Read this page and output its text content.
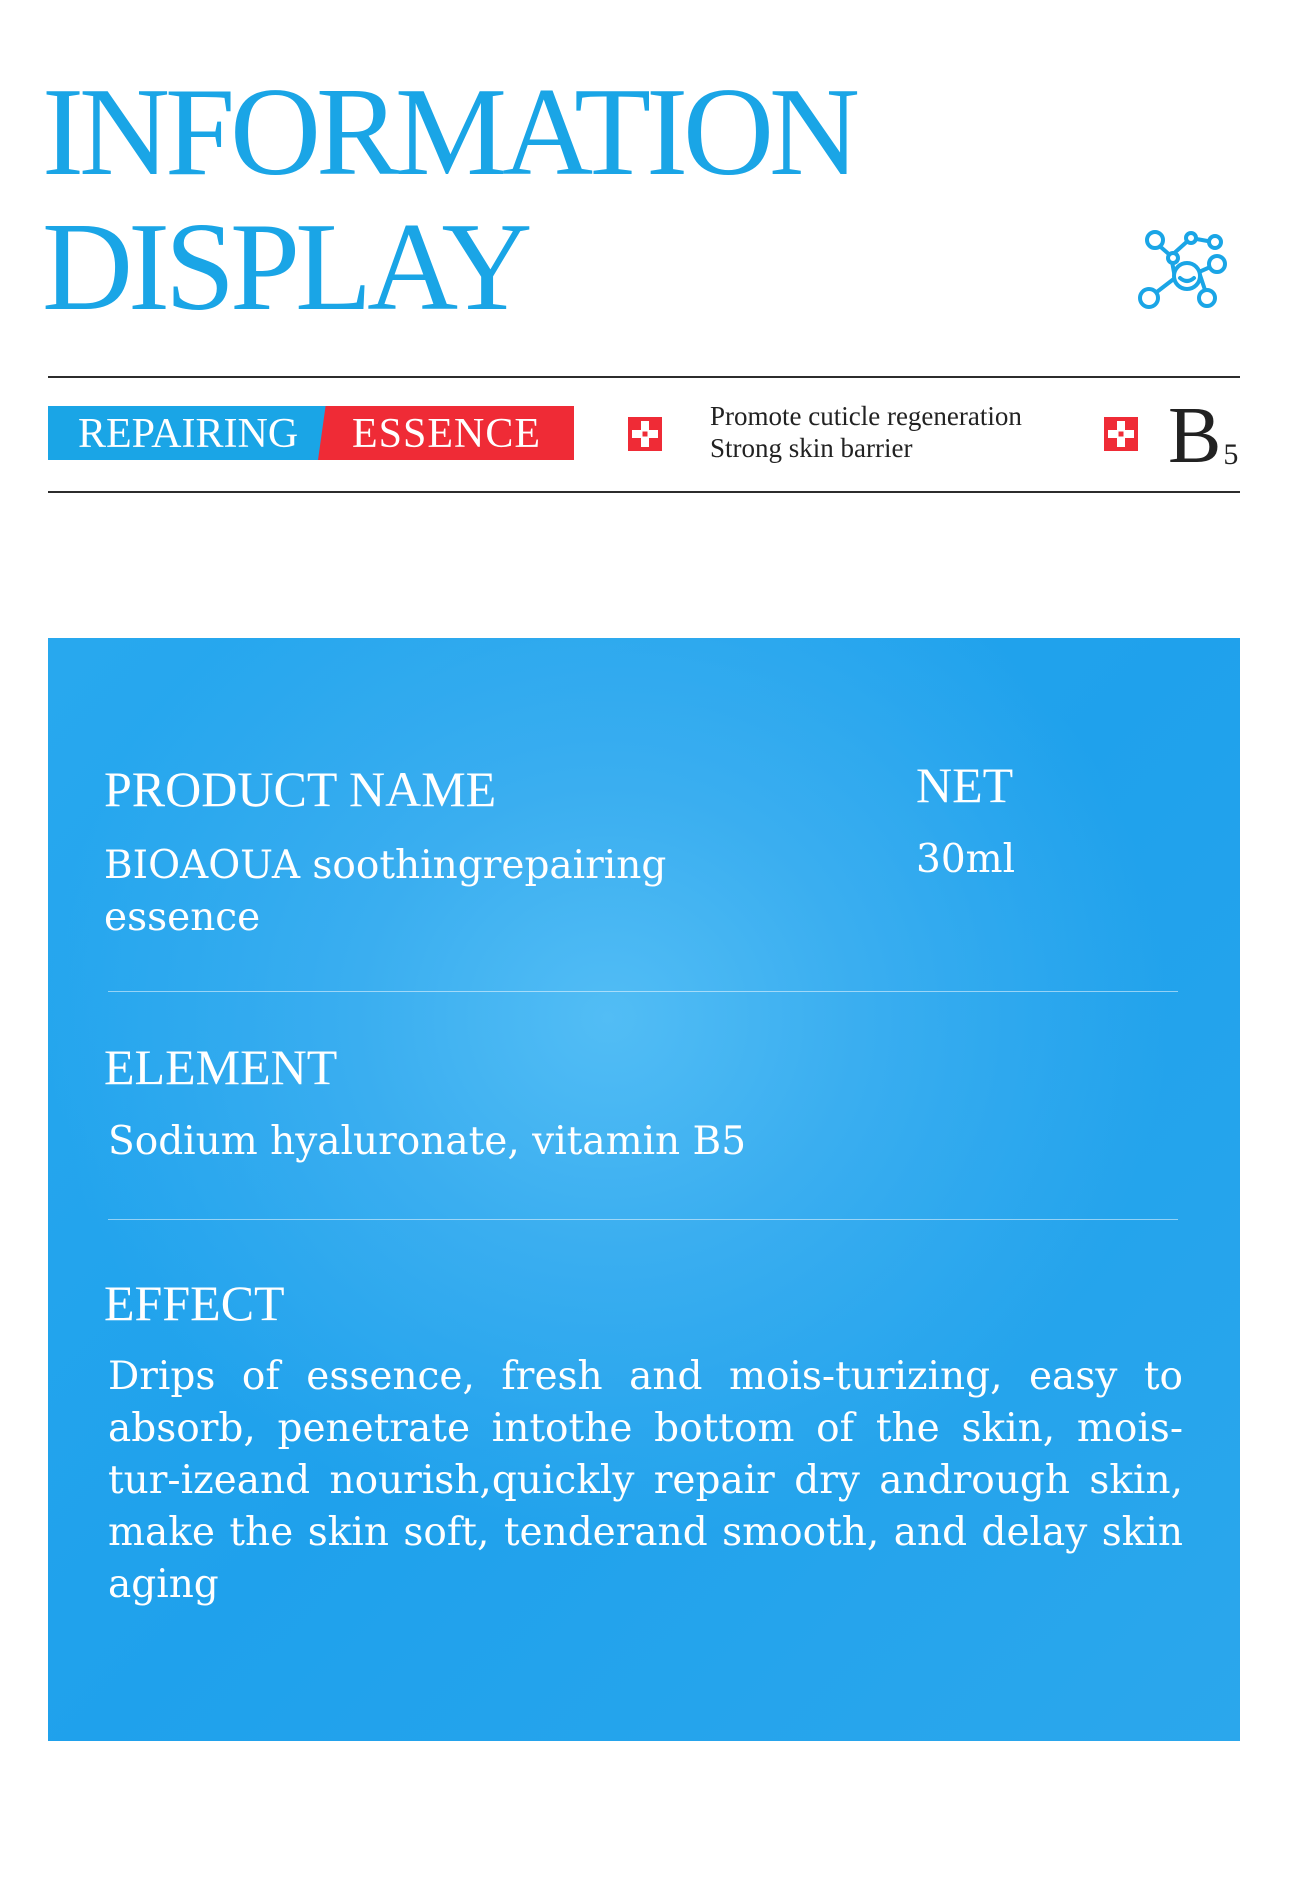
INFORMATION
DISPLAY
REPAIRING ESSENCE	Promote cuticle regeneration
Strong skin barrier	B5
PRODUCT NAME

BIOAOUA soothingrepairing essence

NET

30ml

ELEMENT

Sodium hyaluronate, vitamin B5

EFFECT

Drips of essence, fresh and mois-turizing, easy to absorb, penetrate intothe bottom of the skin, mois-tur-izeand nourish,quickly repair dry andrough skin, make the skin soft, tenderand smooth, and delay skin aging
